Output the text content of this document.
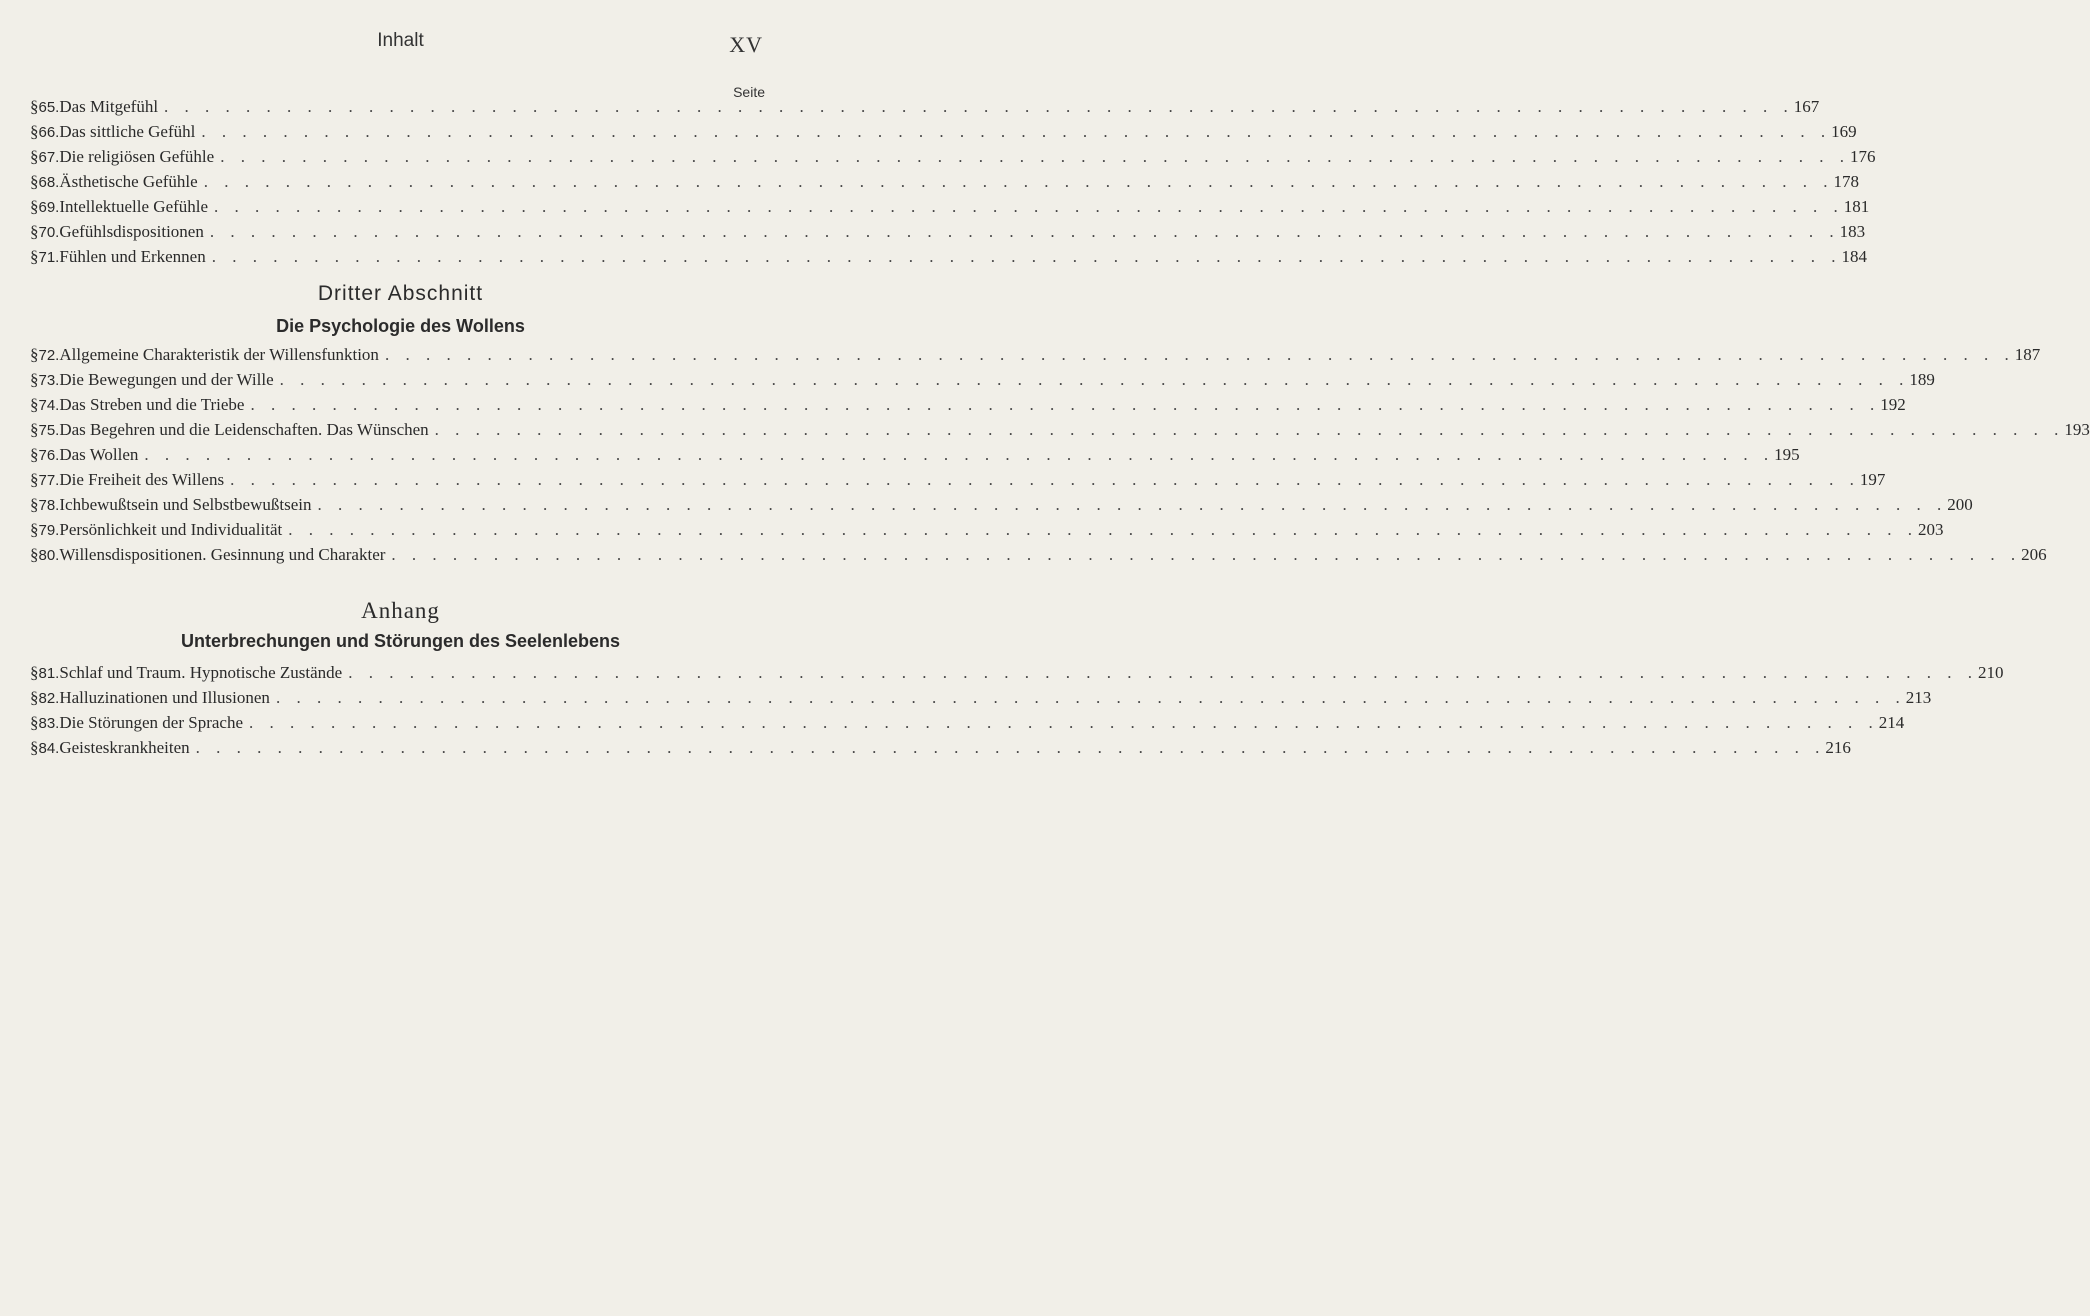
Inhalt	XV
Seite
§ 65. Das Mitgefühl . . . . . . . . . . . . . . . . . . . . . . . . . . . . . . . . . . . . . . . . . . . . . . . . . . . . . . . . . . . . . . . . . . . . . . . . . . . . . . . . 167
§ 66. Das sittliche Gefühl . . . . . . . . . . . . . . . . . . . . . . . . . . . . . . . . . . . . . . . . . . . . . . . . . . . . . . . . . . . . . . . . . . . . . . . . . . . . . . . . 169
§ 67. Die religiösen Gefühle . . . . . . . . . . . . . . . . . . . . . . . . . . . . . . . . . . . . . . . . . . . . . . . . . . . . . . . . . . . . . . . . . . . . . . . . . . . . . . . . 176
§ 68. Ästhetische Gefühle . . . . . . . . . . . . . . . . . . . . . . . . . . . . . . . . . . . . . . . . . . . . . . . . . . . . . . . . . . . . . . . . . . . . . . . . . . . . . . . . 178
§ 69. Intellektuelle Gefühle . . . . . . . . . . . . . . . . . . . . . . . . . . . . . . . . . . . . . . . . . . . . . . . . . . . . . . . . . . . . . . . . . . . . . . . . . . . . . . . . 181
§ 70. Gefühlsdispositionen . . . . . . . . . . . . . . . . . . . . . . . . . . . . . . . . . . . . . . . . . . . . . . . . . . . . . . . . . . . . . . . . . . . . . . . . . . . . . . . . 183
§ 71. Fühlen und Erkennen . . . . . . . . . . . . . . . . . . . . . . . . . . . . . . . . . . . . . . . . . . . . . . . . . . . . . . . . . . . . . . . . . . . . . . . . . . . . . . . . 184
Dritter Abschnitt
Die Psychologie des Wollens
§ 72. Allgemeine Charakteristik der Willensfunktion . . . . . . . . . . . . . . . . . . . . . . . . . . . . . . . . . . . . . . . . . . . . . . . . . . . . . . . . . . . . . . . . . . . . . . . . . . . . . . . . 187
§ 73. Die Bewegungen und der Wille . . . . . . . . . . . . . . . . . . . . . . . . . . . . . . . . . . . . . . . . . . . . . . . . . . . . . . . . . . . . . . . . . . . . . . . . . . . . . . . . 189
§ 74. Das Streben und die Triebe . . . . . . . . . . . . . . . . . . . . . . . . . . . . . . . . . . . . . . . . . . . . . . . . . . . . . . . . . . . . . . . . . . . . . . . . . . . . . . . . 192
§ 75. Das Begehren und die Leidenschaften. Das Wünschen . . . . . . . . . . . . . . . . . . . . . . . . . . . . . . . . . . . . . . . . . . . . . . . . . . . . . . . . . . . . . . . . . . . . . . . . . . . . . . . . 193
§ 76. Das Wollen . . . . . . . . . . . . . . . . . . . . . . . . . . . . . . . . . . . . . . . . . . . . . . . . . . . . . . . . . . . . . . . . . . . . . . . . . . . . . . . . 195
§ 77. Die Freiheit des Willens . . . . . . . . . . . . . . . . . . . . . . . . . . . . . . . . . . . . . . . . . . . . . . . . . . . . . . . . . . . . . . . . . . . . . . . . . . . . . . . . 197
§ 78. Ichbewußtsein und Selbstbewußtsein . . . . . . . . . . . . . . . . . . . . . . . . . . . . . . . . . . . . . . . . . . . . . . . . . . . . . . . . . . . . . . . . . . . . . . . . . . . . . . . . 200
§ 79. Persönlichkeit und Individualität . . . . . . . . . . . . . . . . . . . . . . . . . . . . . . . . . . . . . . . . . . . . . . . . . . . . . . . . . . . . . . . . . . . . . . . . . . . . . . . . 203
§ 80. Willensdispositionen. Gesinnung und Charakter . . . . . . . . . . . . . . . . . . . . . . . . . . . . . . . . . . . . . . . . . . . . . . . . . . . . . . . . . . . . . . . . . . . . . . . . . . . . . . . . 206
Anhang
Unterbrechungen und Störungen des Seelenlebens
§ 81. Schlaf und Traum. Hypnotische Zustände . . . . . . . . . . . . . . . . . . . . . . . . . . . . . . . . . . . . . . . . . . . . . . . . . . . . . . . . . . . . . . . . . . . . . . . . . . . . . . . . 210
§ 82. Halluzinationen und Illusionen . . . . . . . . . . . . . . . . . . . . . . . . . . . . . . . . . . . . . . . . . . . . . . . . . . . . . . . . . . . . . . . . . . . . . . . . . . . . . . . . 213
§ 83. Die Störungen der Sprache . . . . . . . . . . . . . . . . . . . . . . . . . . . . . . . . . . . . . . . . . . . . . . . . . . . . . . . . . . . . . . . . . . . . . . . . . . . . . . . . 214
§ 84. Geisteskrankheiten . . . . . . . . . . . . . . . . . . . . . . . . . . . . . . . . . . . . . . . . . . . . . . . . . . . . . . . . . . . . . . . . . . . . . . . . . . . . . . . . 216
